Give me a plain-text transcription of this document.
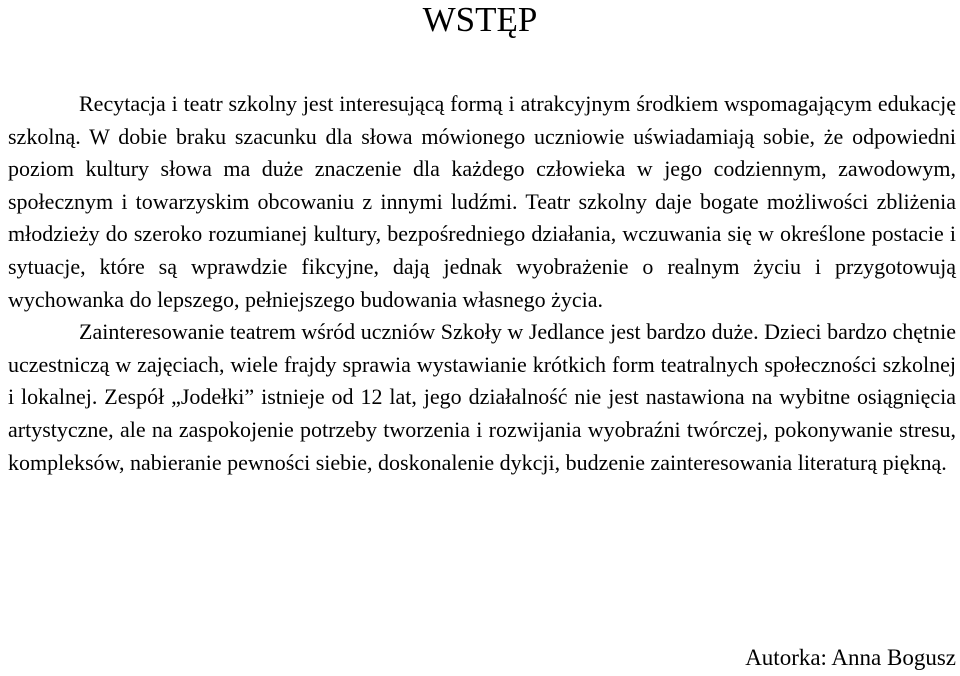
WSTĘP

Recytacja i teatr szkolny jest interesującą formą i atrakcyjnym środkiem wspomagającym edukację szkolną. W dobie braku szacunku dla słowa mówionego uczniowie uświadamiają sobie, że odpowiedni poziom kultury słowa ma duże znaczenie dla każdego człowieka w jego codziennym, zawodowym, społecznym i towarzyskim obcowaniu z innymi ludźmi. Teatr szkolny daje bogate możliwości zbliżenia młodzieży do szeroko rozumianej kultury, bezpośredniego działania, wczuwania się w określone postacie i sytuacje, które są wprawdzie fikcyjne, dają jednak wyobrażenie o realnym życiu i przygotowują wychowanka do lepszego, pełniejszego budowania własnego życia.

Zainteresowanie teatrem wśród uczniów Szkoły w Jedlance jest bardzo duże. Dzieci bardzo chętnie uczestniczą w zajęciach, wiele frajdy sprawia wystawianie krótkich form teatralnych społeczności szkolnej i lokalnej. Zespół „Jodełki” istnieje od 12 lat, jego działalność nie jest nastawiona na wybitne osiągnięcia artystyczne, ale na zaspokojenie potrzeby tworzenia i rozwijania wyobraźni twórczej, pokonywanie stresu, kompleksów, nabieranie pewności siebie, doskonalenie dykcji, budzenie zainteresowania literaturą piękną.

Autorka: Anna Bogusz
